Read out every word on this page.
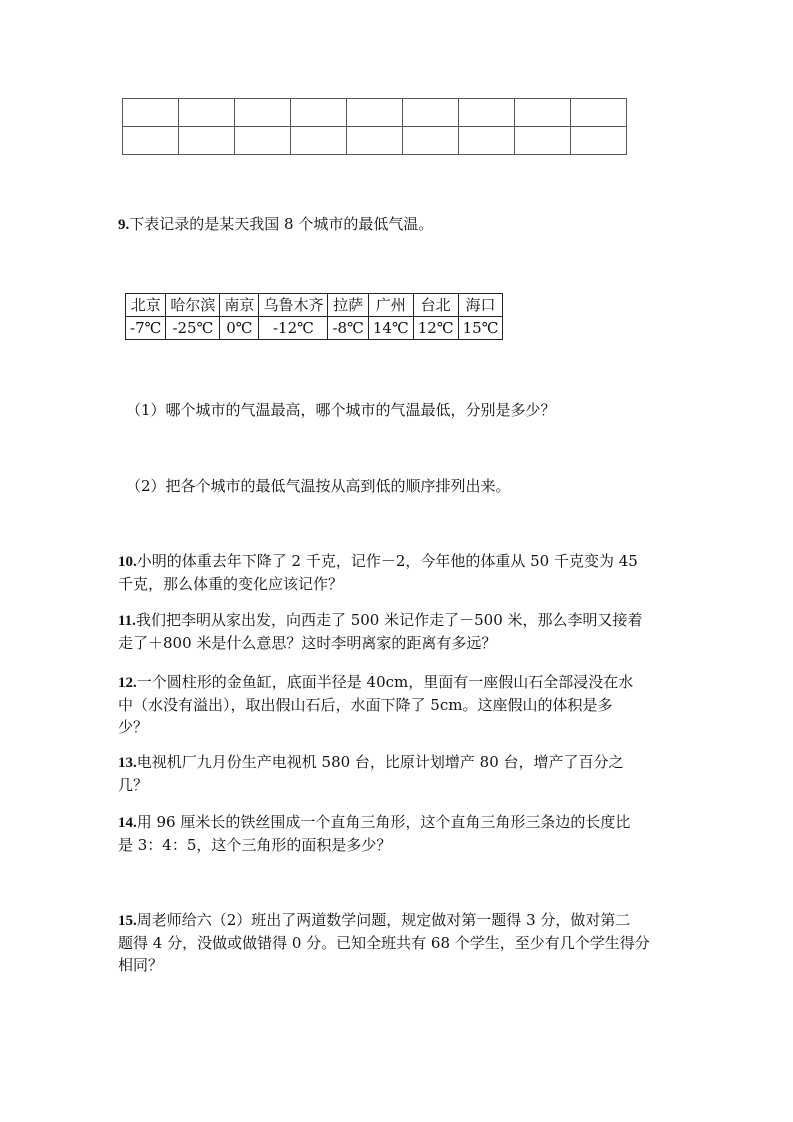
9.下表记录的是某天我国 8 个城市的最低气温。

北京	哈尔滨	南京	乌鲁木齐	拉萨	广州	台北	海口
-7℃	-25℃	0℃	-12℃	-8℃	14℃	12℃	15℃

（1）哪个城市的气温最高，哪个城市的气温最低，分别是多少？

（2）把各个城市的最低气温按从高到低的顺序排列出来。

10.小明的体重去年下降了 2 千克，记作－2，今年他的体重从 50 千克变为 45

千克，那么体重的变化应该记作？

11.我们把李明从家出发，向西走了 500 米记作走了－500 米，那么李明又接着

走了＋800 米是什么意思？这时李明离家的距离有多远？

12.一个圆柱形的金鱼缸，底面半径是 40cm，里面有一座假山石全部浸没在水

中（水没有溢出），取出假山石后，水面下降了 5cm。这座假山的体积是多

少？

13.电视机厂九月份生产电视机 580 台，比原计划增产 80 台，增产了百分之

几？

14.用 96 厘米长的铁丝围成一个直角三角形，这个直角三角形三条边的长度比

是 3：4：5，这个三角形的面积是多少？

15.周老师给六（2）班出了两道数学问题，规定做对第一题得 3 分，做对第二

题得 4 分，没做或做错得 0 分。已知全班共有 68 个学生，至少有几个学生得分

相同？
